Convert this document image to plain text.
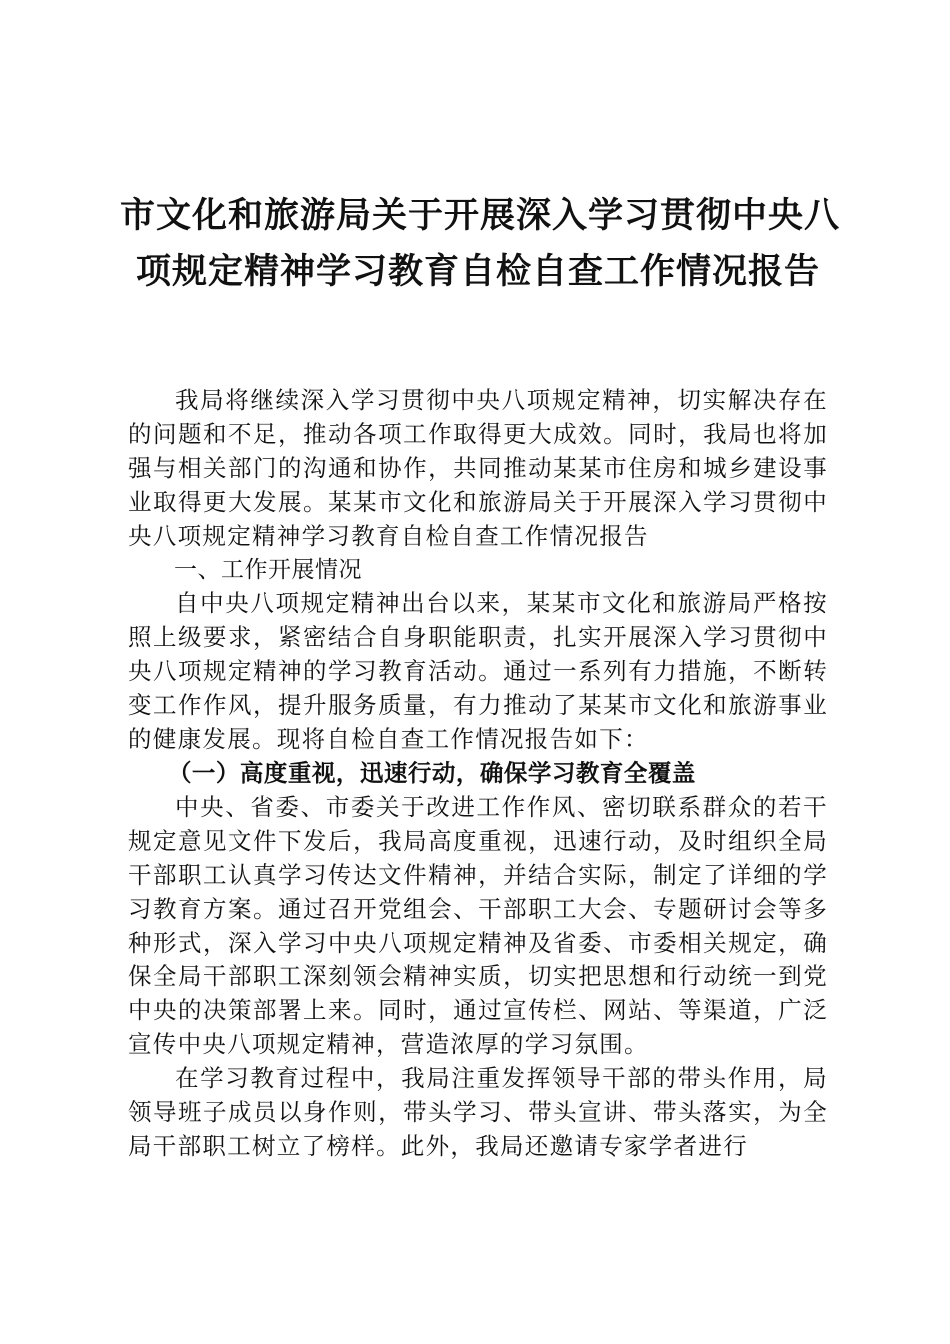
市文化和旅游局关于开展深入学习贯彻中央八
项规定精神学习教育自检自查工作情况报告

我局将继续深入学习贯彻中央八项规定精神，切实解决存在的问题和不足，推动各项工作取得更大成效。同时，我局也将加强与相关部门的沟通和协作，共同推动某某市住房和城乡建设事业取得更大发展。某某市文化和旅游局关于开展深入学习贯彻中央八项规定精神学习教育自检自查工作情况报告

一、工作开展情况

自中央八项规定精神出台以来，某某市文化和旅游局严格按照上级要求，紧密结合自身职能职责，扎实开展深入学习贯彻中央八项规定精神的学习教育活动。通过一系列有力措施，不断转变工作作风，提升服务质量，有力推动了某某市文化和旅游事业的健康发展。现将自检自查工作情况报告如下：

（一）高度重视，迅速行动，确保学习教育全覆盖

中央、省委、市委关于改进工作作风、密切联系群众的若干规定意见文件下发后，我局高度重视，迅速行动，及时组织全局干部职工认真学习传达文件精神，并结合实际，制定了详细的学习教育方案。通过召开党组会、干部职工大会、专题研讨会等多种形式，深入学习中央八项规定精神及省委、市委相关规定，确保全局干部职工深刻领会精神实质，切实把思想和行动统一到党中央的决策部署上来。同时，通过宣传栏、网站、等渠道，广泛宣传中央八项规定精神，营造浓厚的学习氛围。

在学习教育过程中，我局注重发挥领导干部的带头作用，局领导班子成员以身作则，带头学习、带头宣讲、带头落实，为全局干部职工树立了榜样。此外，我局还邀请专家学者进行
